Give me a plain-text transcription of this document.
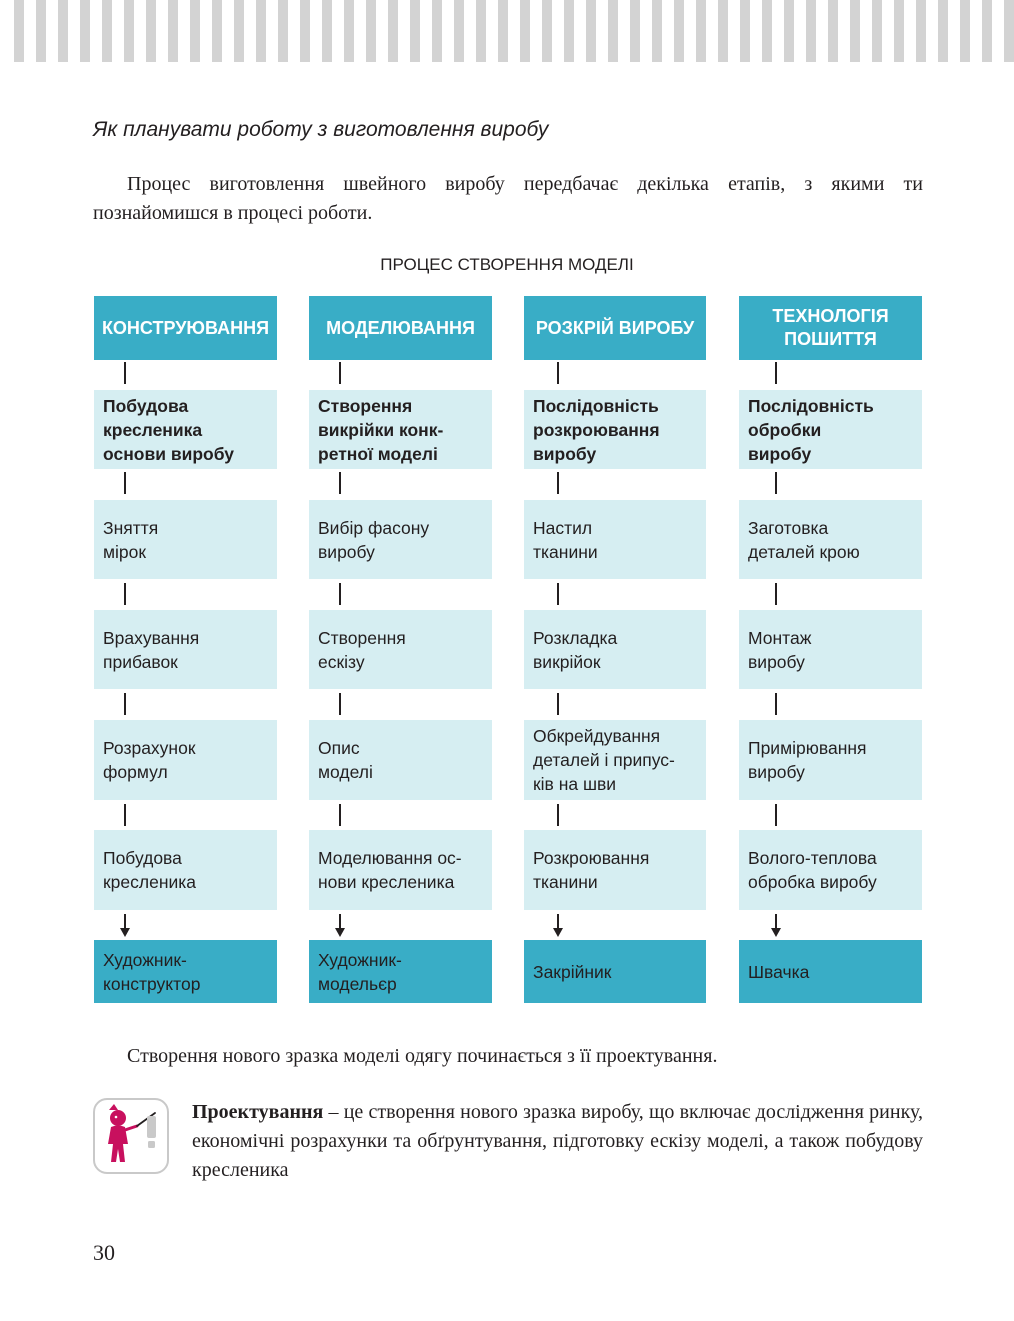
Як планувати роботу з виготовлення виробу

Процес виготовлення швейного виробу передбачає декілька етапів, з якими ти познайомишся в процесі роботи.

ПРОЦЕС СТВОРЕННЯ МОДЕЛІ
КОНСТРУЮВАННЯ
Побудова
кресленика
основи виробу
Зняття
мірок
Врахування
прибавок
Розрахунок
формул
Побудова
кресленика
Художник-
конструктор
МОДЕЛЮВАННЯ
Створення
викрійки конк-
ретної моделі
Вибір фасону
виробу
Створення
ескізу
Опис
моделі
Моделювання ос-
нови кресленика
Художник-
модельєр
РОЗКРІЙ ВИРОБУ
Послідовність
розкроювання
виробу
Настил
тканини
Розкладка
викрійок
Обкрейдування
деталей і припус-
ків на шви
Розкроювання
тканини
Закрійник
ТЕХНОЛОГІЯ ПОШИТТЯ
Послідовність
обробки
виробу
Заготовка
деталей крою
Монтаж
виробу
Примірювання
виробу
Волого-теплова
обробка виробу
Швачка

Створення нового зразка моделі одягу починається з її проектування.

Проектування – це створення нового зразка виробу, що включає дослідження ринку, економічні розрахунки та обґрунтування, підготовку ескізу моделі, а також побудову кресленика

30
